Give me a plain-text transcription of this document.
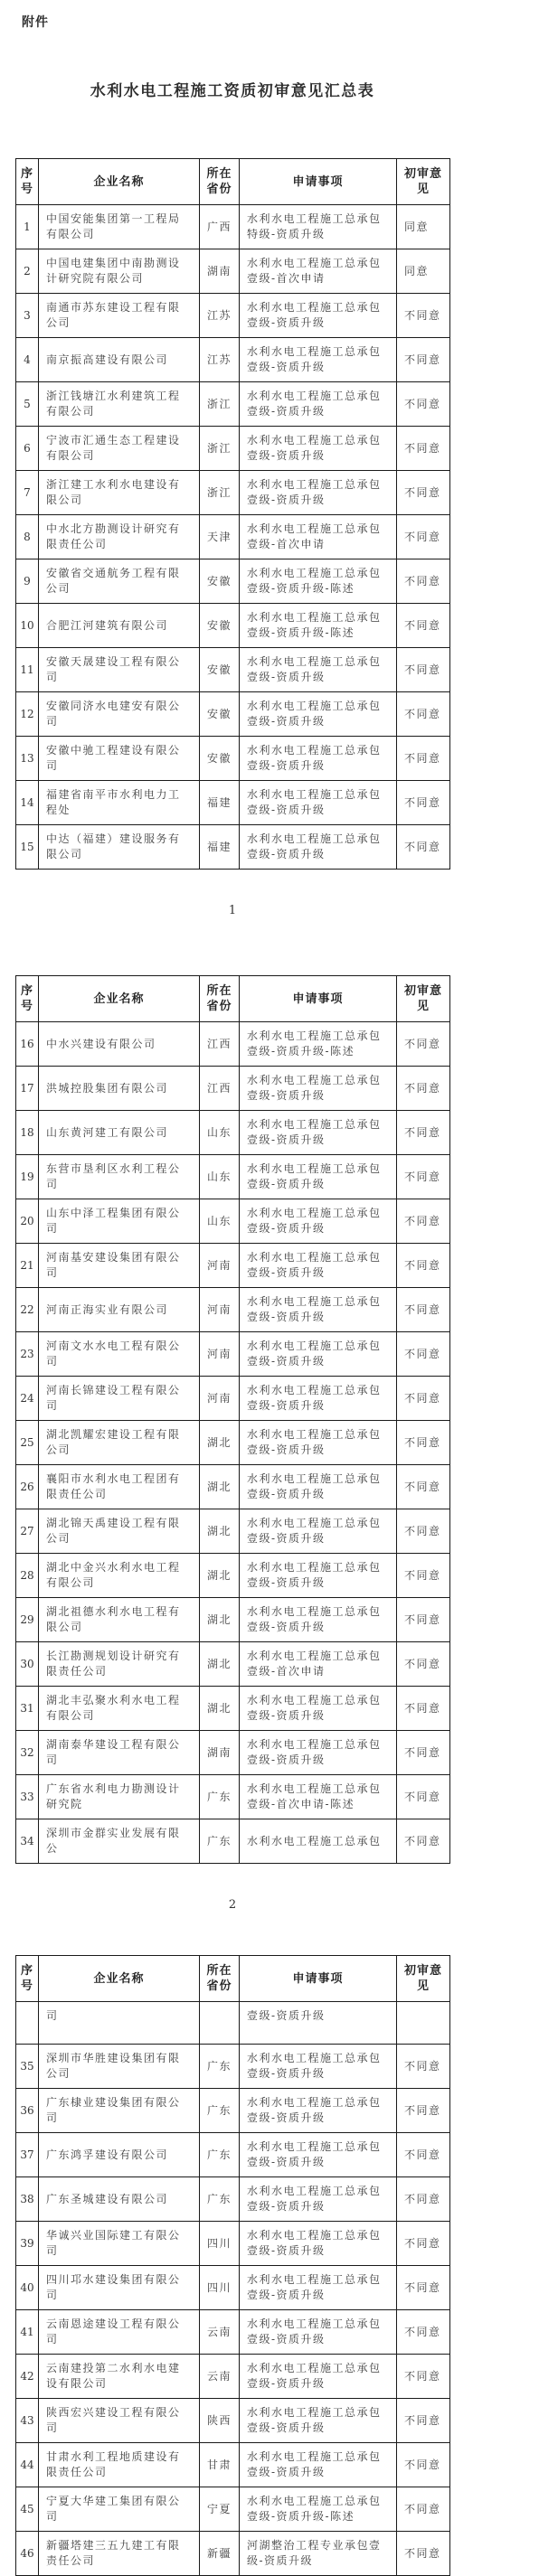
附件
水利水电工程施工资质初审意见汇总表
序号	企业名称	所在省份	申请事项	初审意见
1	中国安能集团第一工程局有限公司	广西	水利水电工程施工总承包特级-资质升级	同意
2	中国电建集团中南勘测设计研究院有限公司	湖南	水利水电工程施工总承包壹级-首次申请	同意
3	南通市苏东建设工程有限公司	江苏	水利水电工程施工总承包壹级-资质升级	不同意
4	南京振高建设有限公司	江苏	水利水电工程施工总承包壹级-资质升级	不同意
5	浙江钱塘江水利建筑工程有限公司	浙江	水利水电工程施工总承包壹级-资质升级	不同意
6	宁波市汇通生态工程建设有限公司	浙江	水利水电工程施工总承包壹级-资质升级	不同意
7	浙江建工水利水电建设有限公司	浙江	水利水电工程施工总承包壹级-资质升级	不同意
8	中水北方勘测设计研究有限责任公司	天津	水利水电工程施工总承包壹级-首次申请	不同意
9	安徽省交通航务工程有限公司	安徽	水利水电工程施工总承包壹级-资质升级-陈述	不同意
10	合肥江河建筑有限公司	安徽	水利水电工程施工总承包壹级-资质升级-陈述	不同意
11	安徽天晟建设工程有限公司	安徽	水利水电工程施工总承包壹级-资质升级	不同意
12	安徽同济水电建安有限公司	安徽	水利水电工程施工总承包壹级-资质升级	不同意
13	安徽中驰工程建设有限公司	安徽	水利水电工程施工总承包壹级-资质升级	不同意
14	福建省南平市水利电力工程处	福建	水利水电工程施工总承包壹级-资质升级	不同意
15	中达（福建）建设服务有限公司	福建	水利水电工程施工总承包壹级-资质升级	不同意
1
序号	企业名称	所在省份	申请事项	初审意见
16	中水兴建设有限公司	江西	水利水电工程施工总承包壹级-资质升级-陈述	不同意
17	洪城控股集团有限公司	江西	水利水电工程施工总承包壹级-资质升级	不同意
18	山东黄河建工有限公司	山东	水利水电工程施工总承包壹级-资质升级	不同意
19	东营市垦利区水利工程公司	山东	水利水电工程施工总承包壹级-资质升级	不同意
20	山东中泽工程集团有限公司	山东	水利水电工程施工总承包壹级-资质升级	不同意
21	河南基安建设集团有限公司	河南	水利水电工程施工总承包壹级-资质升级	不同意
22	河南正海实业有限公司	河南	水利水电工程施工总承包壹级-资质升级	不同意
23	河南文水水电工程有限公司	河南	水利水电工程施工总承包壹级-资质升级	不同意
24	河南长锦建设工程有限公司	河南	水利水电工程施工总承包壹级-资质升级	不同意
25	湖北凯耀宏建设工程有限公司	湖北	水利水电工程施工总承包壹级-资质升级	不同意
26	襄阳市水利水电工程团有限责任公司	湖北	水利水电工程施工总承包壹级-资质升级	不同意
27	湖北锦天禹建设工程有限公司	湖北	水利水电工程施工总承包壹级-资质升级	不同意
28	湖北中金兴水利水电工程有限公司	湖北	水利水电工程施工总承包壹级-资质升级	不同意
29	湖北祖德水利水电工程有限公司	湖北	水利水电工程施工总承包壹级-资质升级	不同意
30	长江勘测规划设计研究有限责任公司	湖北	水利水电工程施工总承包壹级-首次申请	不同意
31	湖北丰弘聚水利水电工程有限公司	湖北	水利水电工程施工总承包壹级-资质升级	不同意
32	湖南泰华建设工程有限公司	湖南	水利水电工程施工总承包壹级-资质升级	不同意
33	广东省水利电力勘测设计研究院	广东	水利水电工程施工总承包壹级-首次申请-陈述	不同意
34	深圳市金群实业发展有限公	广东	水利水电工程施工总承包	不同意
2
序号	企业名称	所在省份	申请事项	初审意见
	司		壹级-资质升级	
35	深圳市华胜建设集团有限公司	广东	水利水电工程施工总承包壹级-资质升级	不同意
36	广东棣业建设集团有限公司	广东	水利水电工程施工总承包壹级-资质升级	不同意
37	广东鸿孚建设有限公司	广东	水利水电工程施工总承包壹级-资质升级	不同意
38	广东圣城建设有限公司	广东	水利水电工程施工总承包壹级-资质升级	不同意
39	华诚兴业国际建工有限公司	四川	水利水电工程施工总承包壹级-资质升级	不同意
40	四川邛水建设集团有限公司	四川	水利水电工程施工总承包壹级-资质升级	不同意
41	云南恩途建设工程有限公司	云南	水利水电工程施工总承包壹级-资质升级	不同意
42	云南建投第二水利水电建设有限公司	云南	水利水电工程施工总承包壹级-资质升级	不同意
43	陕西宏兴建设工程有限公司	陕西	水利水电工程施工总承包壹级-资质升级	不同意
44	甘肃水利工程地质建设有限责任公司	甘肃	水利水电工程施工总承包壹级-资质升级	不同意
45	宁夏大华建工集团有限公司	宁夏	水利水电工程施工总承包壹级-资质升级-陈述	不同意
46	新疆塔建三五九建工有限责任公司	新疆	河湖整治工程专业承包壹级-资质升级	不同意
